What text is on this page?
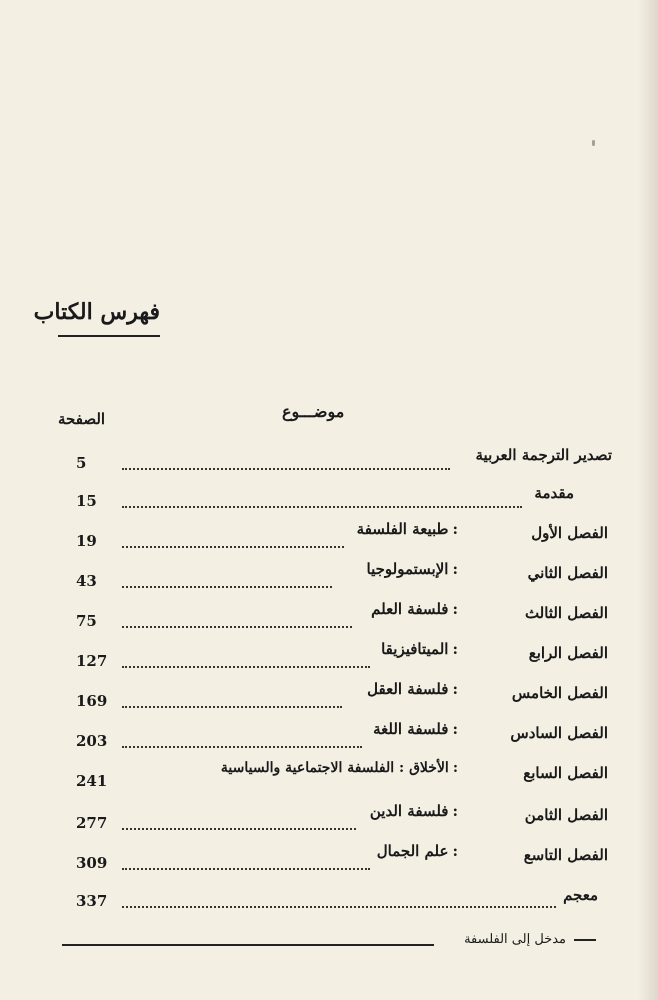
فهرس الكتاب
الصفحة	موضـــوع
تصدير الترجمة العربية
5
مقدمة
15
الفصل الأول
:طبيعة الفلسفة
19
الفصل الثاني
:الإبستمولوجيا
43
الفصل الثالث
:فلسفة العلم
75
الفصل الرابع
:الميتافيزيقا
127
الفصل الخامس
:فلسفة العقل
169
الفصل السادس
:فلسفة اللغة
203
الفصل السابع
:الأخلاق : الفلسفة الاجتماعية والسياسية
241
الفصل الثامن
:فلسفة الدين
277
الفصل التاسع
:علم الجمال
309
معجم
337
مدخل إلى الفلسفة
